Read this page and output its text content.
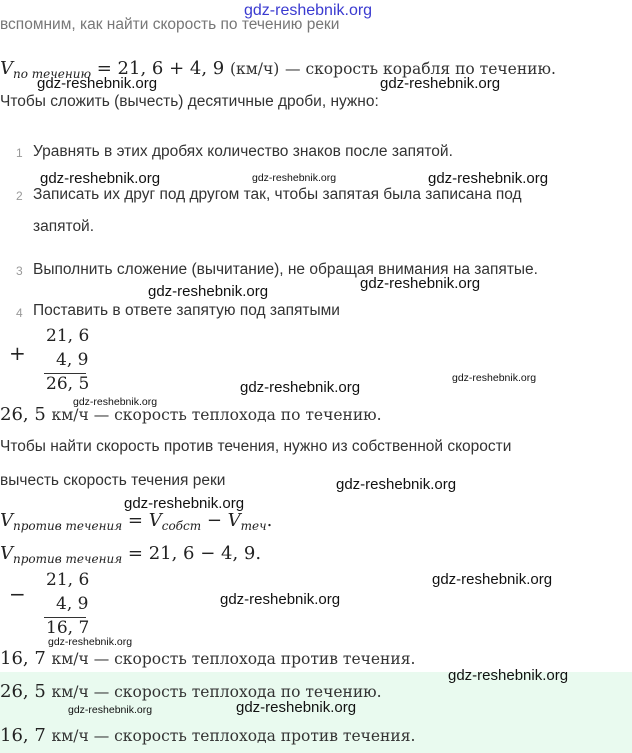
gdz-reshebnik.org
вспомним, как найти скорость по течению реки
$V_{по течению} = 21$, 6 + 4, 9 (км/ч) — скорость корабля по течению.
gdz-reshebnik.org	gdz-reshebnik.org
Чтобы сложить (вычесть) десятичные дроби, нужно:
1 Уравнять в этих дробях количество знаков после запятой.
gdz-reshebnik.org	gdz-reshebnik.org	gdz-reshebnik.org
2 Записать их друг под другом так, чтобы запятая была записана под
запятой.
3 Выполнить сложение (вычитание), не обращая внимания на запятые.
gdz-reshebnik.org
gdz-reshebnik.org
4 Поставить в ответе запятую под запятыми
+
21, 6
4, 9
26, 5
gdz-reshebnik.org
gdz-reshebnik.org
gdz-reshebnik.org
26, 5 км/ч — скорость теплохода по течению.
Чтобы найти скорость против течения, нужно из собственной скорости
вычесть скорость течения реки	gdz-reshebnik.org
gdz-reshebnik.org
$V_{против течения} = V_{собст} - V_{теч}$.
$V_{против течения} = 21$, 6 − 4, 9.
−
21, 6
4, 9
16, 7
gdz-reshebnik.org
gdz-reshebnik.org
gdz-reshebnik.org
16, 7 км/ч — скорость теплохода против течения.
gdz-reshebnik.org
26, 5 км/ч — скорость теплохода по течению.
gdz-reshebnik.org	gdz-reshebnik.org
16, 7 км/ч — скорость теплохода против течения.
